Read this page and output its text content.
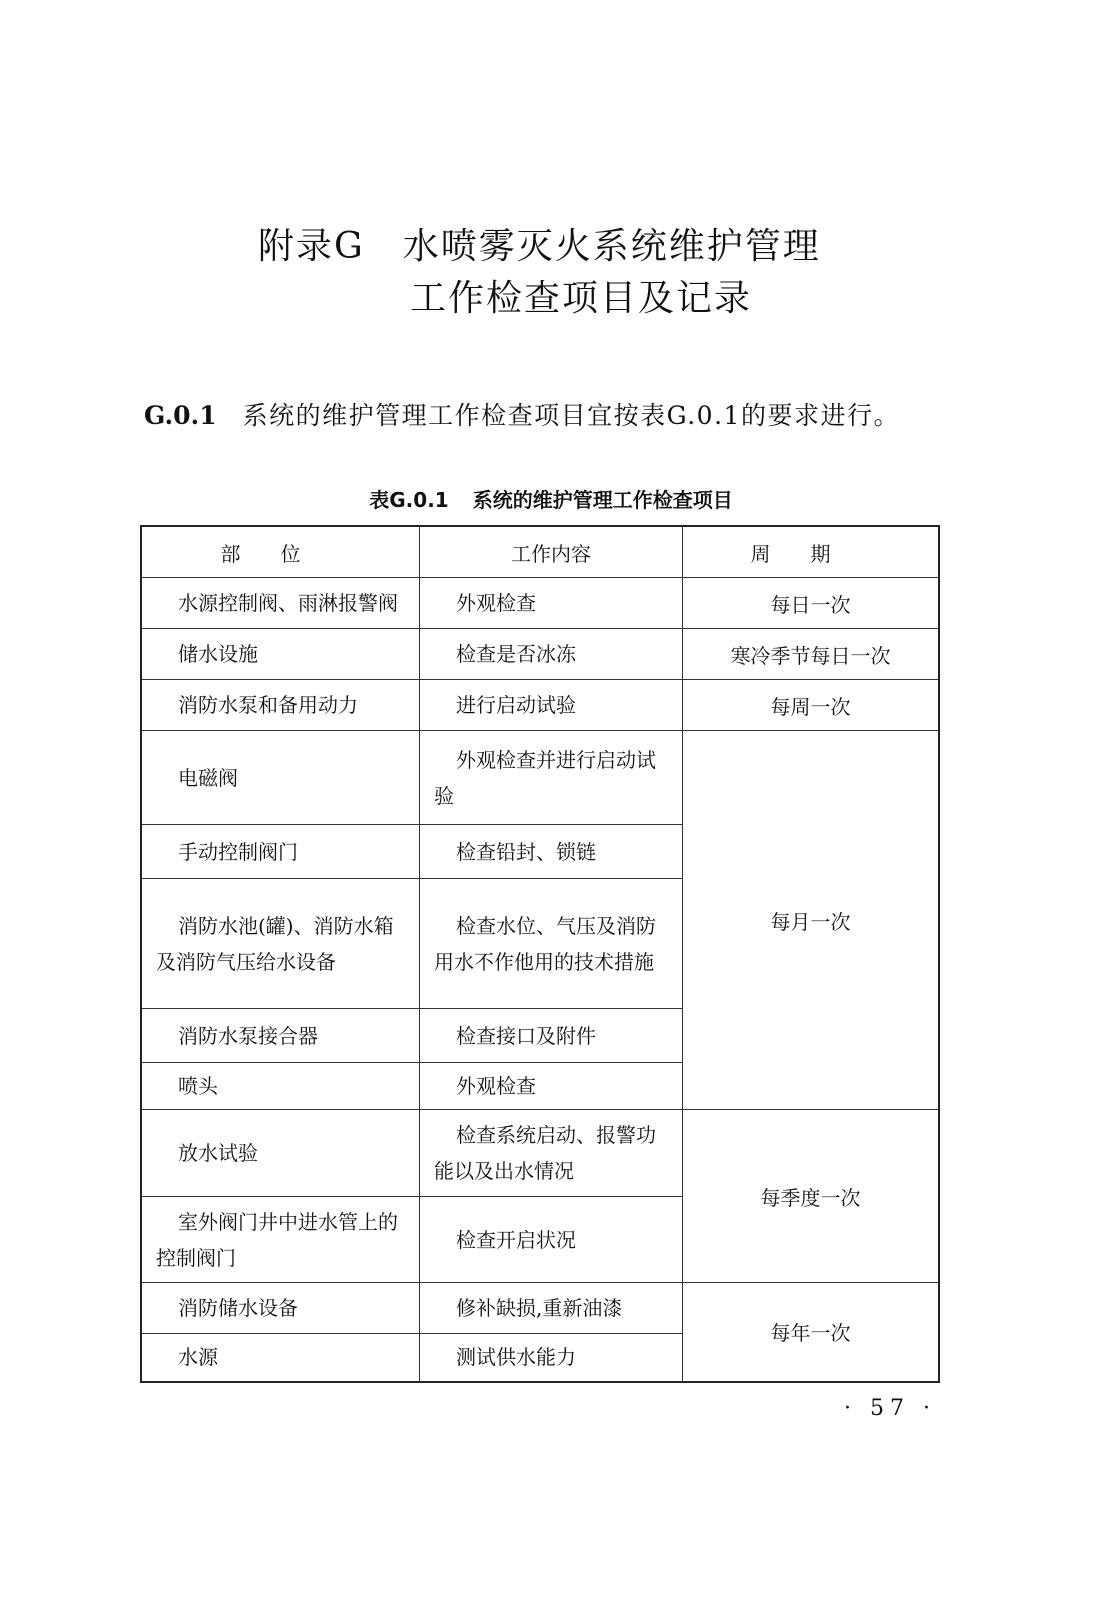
附录G　水喷雾灭火系统维护管理
工作检查项目及记录
G.0.1 系统的维护管理工作检查项目宜按表G.0.1的要求进行。
表G.0.1 系统的维护管理工作检查项目
部位	工作内容	周期

水源控制阀、雨淋报警阀	外观检查	每日一次

储水设施	检查是否冰冻	寒冷季节每日一次

消防水泵和备用动力	进行启动试验	每周一次

电磁阀	外观检查并进行启动试验	每月一次

手动控制阀门	检查铅封、锁链	

消防水池(罐)、消防水箱及消防气压给水设备	检查水位、气压及消防用水不作他用的技术措施	

消防水泵接合器	检查接口及附件	

喷头	外观检查	

放水试验	检查系统启动、报警功能以及出水情况	每季度一次

室外阀门井中进水管上的控制阀门	检查开启状况	

消防储水设备	修补缺损,重新油漆	每年一次

水源	测试供水能力	
· 57 ·
